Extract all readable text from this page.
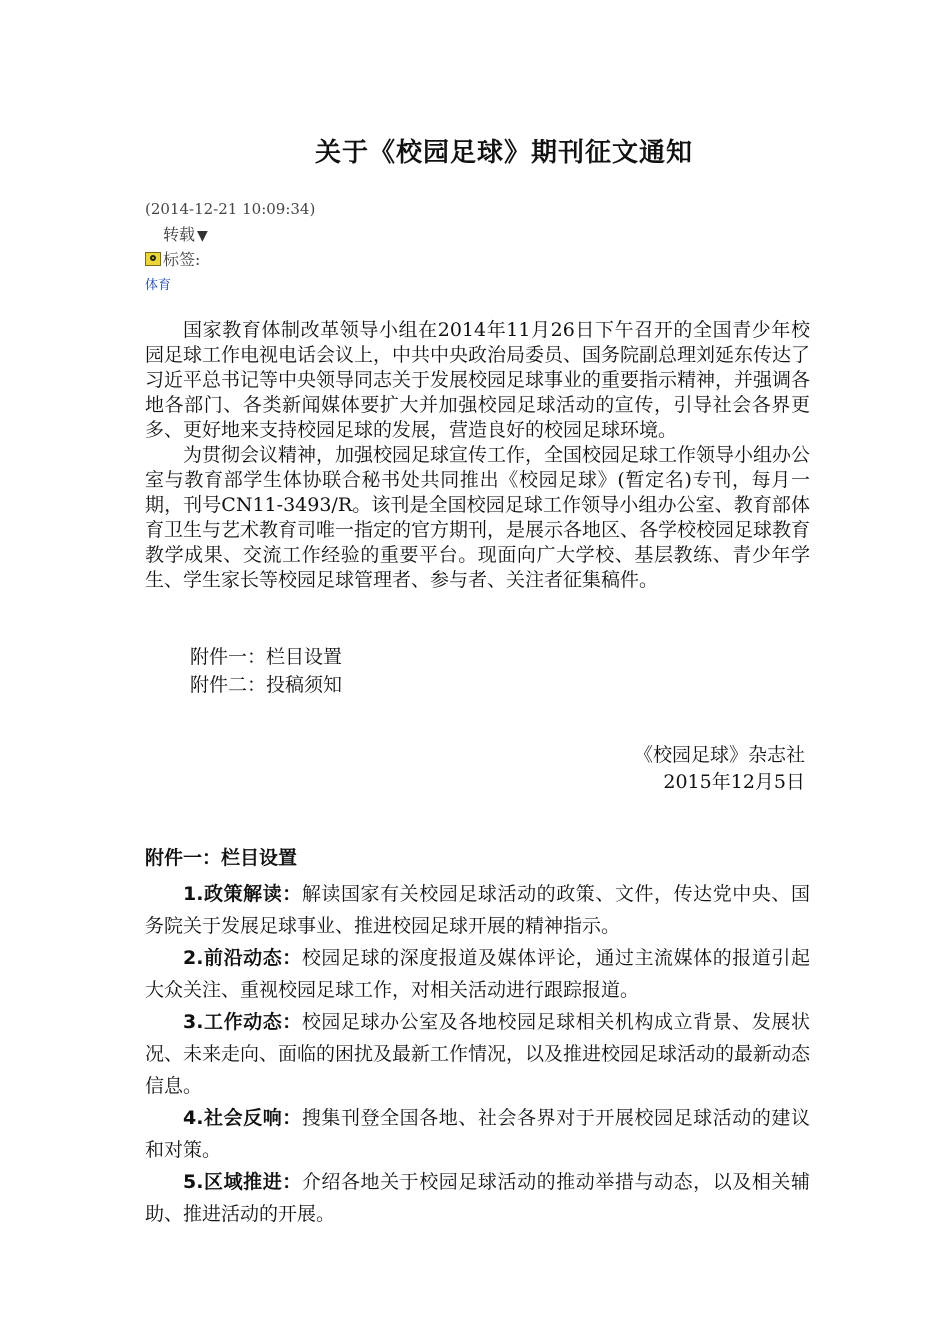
关于《校园足球》期刊征文通知
(2014-12-21 10:09:34)
转载 ▼
标签:
体育

国家教育体制改革领导小组在2014年11月26日下午召开的全国青少年校园足球工作电视电话会议上，中共中央政治局委员、国务院副总理刘延东传达了习近平总书记等中央领导同志关于发展校园足球事业的重要指示精神，并强调各地各部门、各类新闻媒体要扩大并加强校园足球活动的宣传，引导社会各界更多、更好地来支持校园足球的发展，营造良好的校园足球环境。

为贯彻会议精神，加强校园足球宣传工作，全国校园足球工作领导小组办公室与教育部学生体协联合秘书处共同推出《校园足球》(暂定名)专刊，每月一期，刊号CN11-3493/R。该刊是全国校园足球工作领导小组办公室、教育部体育卫生与艺术教育司唯一指定的官方期刊，是展示各地区、各学校校园足球教育教学成果、交流工作经验的重要平台。现面向广大学校、基层教练、青少年学生、学生家长等校园足球管理者、参与者、关注者征集稿件。

附件一：栏目设置
附件二：投稿须知
《校园足球》杂志社
2015年12月5日
附件一：栏目设置

1.政策解读：解读国家有关校园足球活动的政策、文件，传达党中央、国务院关于发展足球事业、推进校园足球开展的精神指示。

2.前沿动态：校园足球的深度报道及媒体评论，通过主流媒体的报道引起大众关注、重视校园足球工作，对相关活动进行跟踪报道。

3.工作动态：校园足球办公室及各地校园足球相关机构成立背景、发展状况、未来走向、面临的困扰及最新工作情况，以及推进校园足球活动的最新动态信息。

4.社会反响：搜集刊登全国各地、社会各界对于开展校园足球活动的建议和对策。

5.区域推进：介绍各地关于校园足球活动的推动举措与动态，以及相关辅助、推进活动的开展。
